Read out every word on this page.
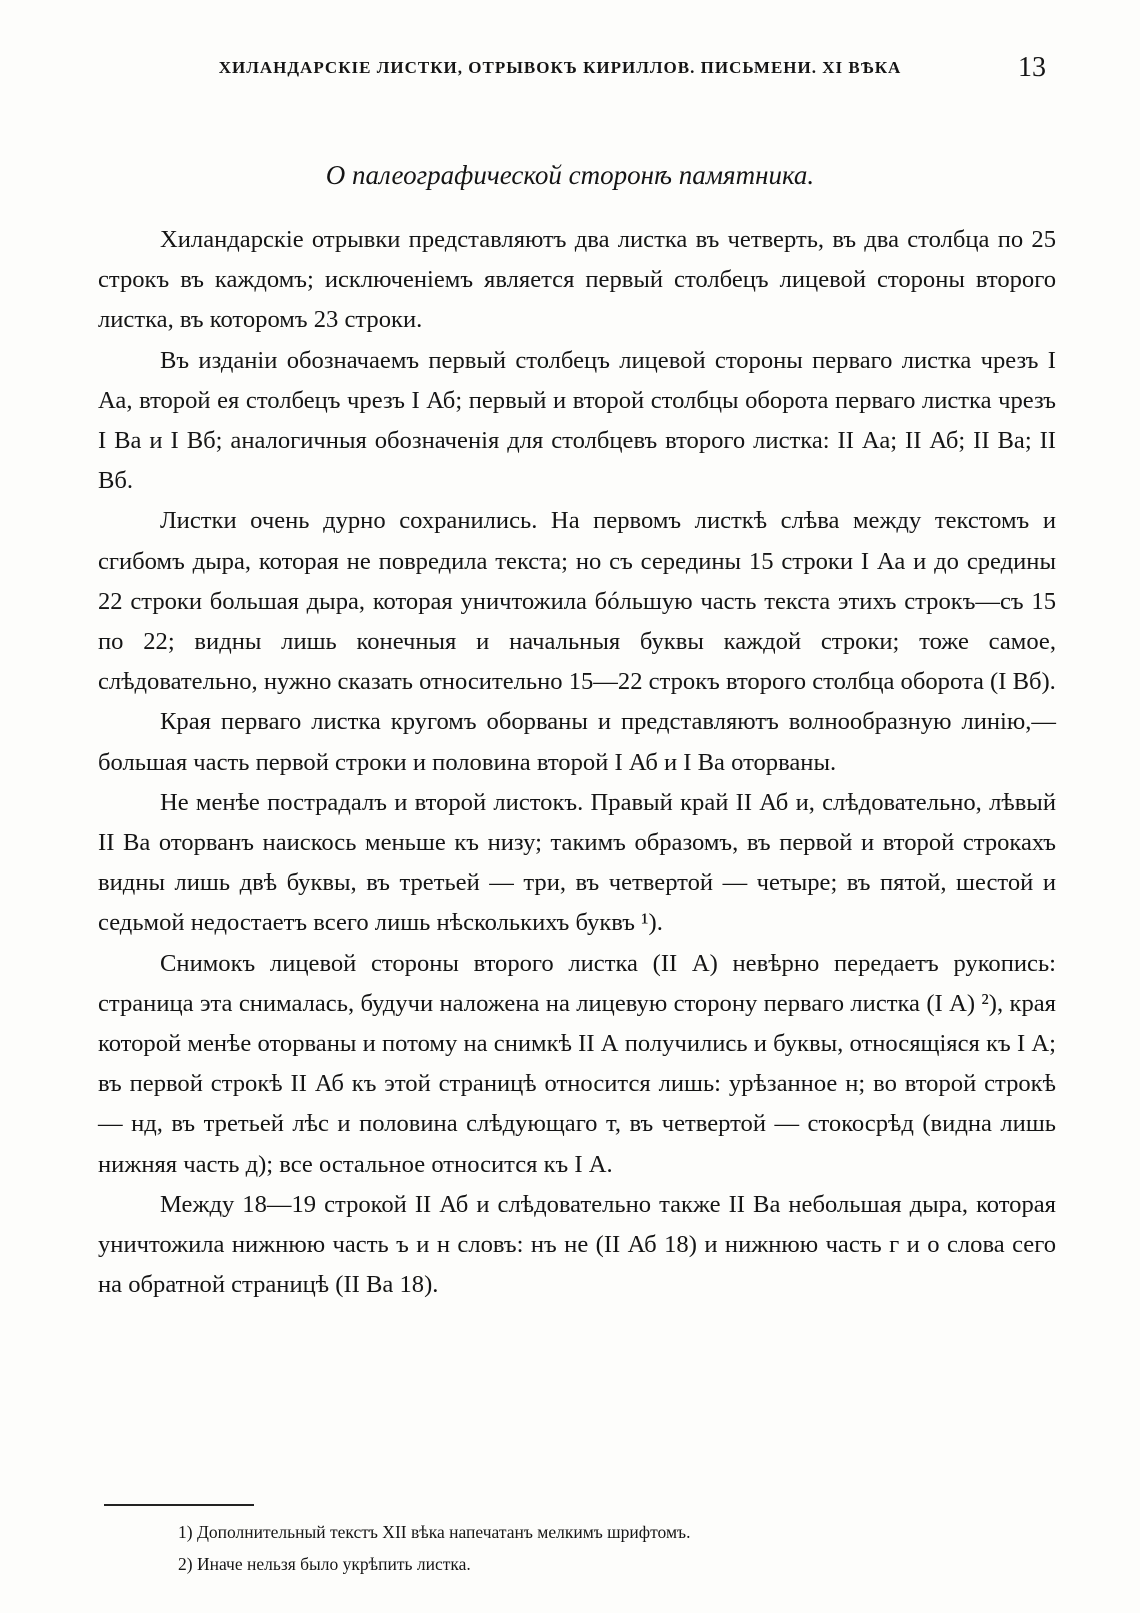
ХИЛАНДАРСКІЕ ЛИСТКИ, ОТРЫВОКЪ КИРИЛЛОВ. ПИСЬМЕНИ. XI ВѢКА	13
О палеографической сторонѣ памятника.

Хиландарскіе отрывки представляютъ два листка въ четверть, въ два столбца по 25 строкъ въ каждомъ; исключеніемъ является первый столбецъ лицевой стороны второго листка, въ которомъ 23 строки.

Въ изданіи обозначаемъ первый столбецъ лицевой стороны перваго листка чрезъ I Аа, второй ея столбецъ чрезъ I Аб; первый и второй столбцы оборота перваго листка чрезъ I Ва и I Вб; аналогичныя обозначенія для столбцевъ второго листка: II Аа; II Аб; II Ва; II Вб.

Листки очень дурно сохранились. На первомъ листкѣ слѣва между текстомъ и сгибомъ дыра, которая не повредила текста; но съ середины 15 строки I Аа и до средины 22 строки большая дыра, которая уничтожила бóльшую часть текста этихъ строкъ—съ 15 по 22; видны лишь конечныя и начальныя буквы каждой строки; тоже самое, слѣдовательно, нужно сказать относительно 15—22 строкъ второго столбца оборота (I Вб).

Края перваго листка кругомъ оборваны и представляютъ волнообразную линію,— большая часть первой строки и половина второй I Аб и I Ва оторваны.

Не менѣе пострадалъ и второй листокъ. Правый край II Аб и, слѣдовательно, лѣвый II Ва оторванъ наискось меньше къ низу; такимъ образомъ, въ первой и второй строкахъ видны лишь двѣ буквы, въ третьей — три, въ четвертой — четыре; въ пятой, шестой и седьмой недостаетъ всего лишь нѣсколькихъ буквъ ¹).

Снимокъ лицевой стороны второго листка (II А) невѣрно передаетъ рукопись: страница эта снималась, будучи наложена на лицевую сторону перваго листка (I А) ²), края которой менѣе оторваны и потому на снимкѣ II А получились и буквы, относящіяся къ I А; въ первой строкѣ II Аб къ этой страницѣ относится лишь: урѣзанное н; во второй строкѣ — нд, въ третьей лѣс и половина слѣдующаго т, въ четвертой — стокосрѣд (видна лишь нижняя часть д); все остальное относится къ I А.

Между 18—19 строкой II Аб и слѣдовательно также II Ва небольшая дыра, которая уничтожила нижнюю часть ъ и н словъ: нъ не (II Аб 18) и нижнюю часть г и о слова сего на обратной страницѣ (II Ва 18).

1) Дополнительный текстъ XII вѣка напечатанъ мелкимъ шрифтомъ.
2) Иначе нельзя было укрѣпить листка.
